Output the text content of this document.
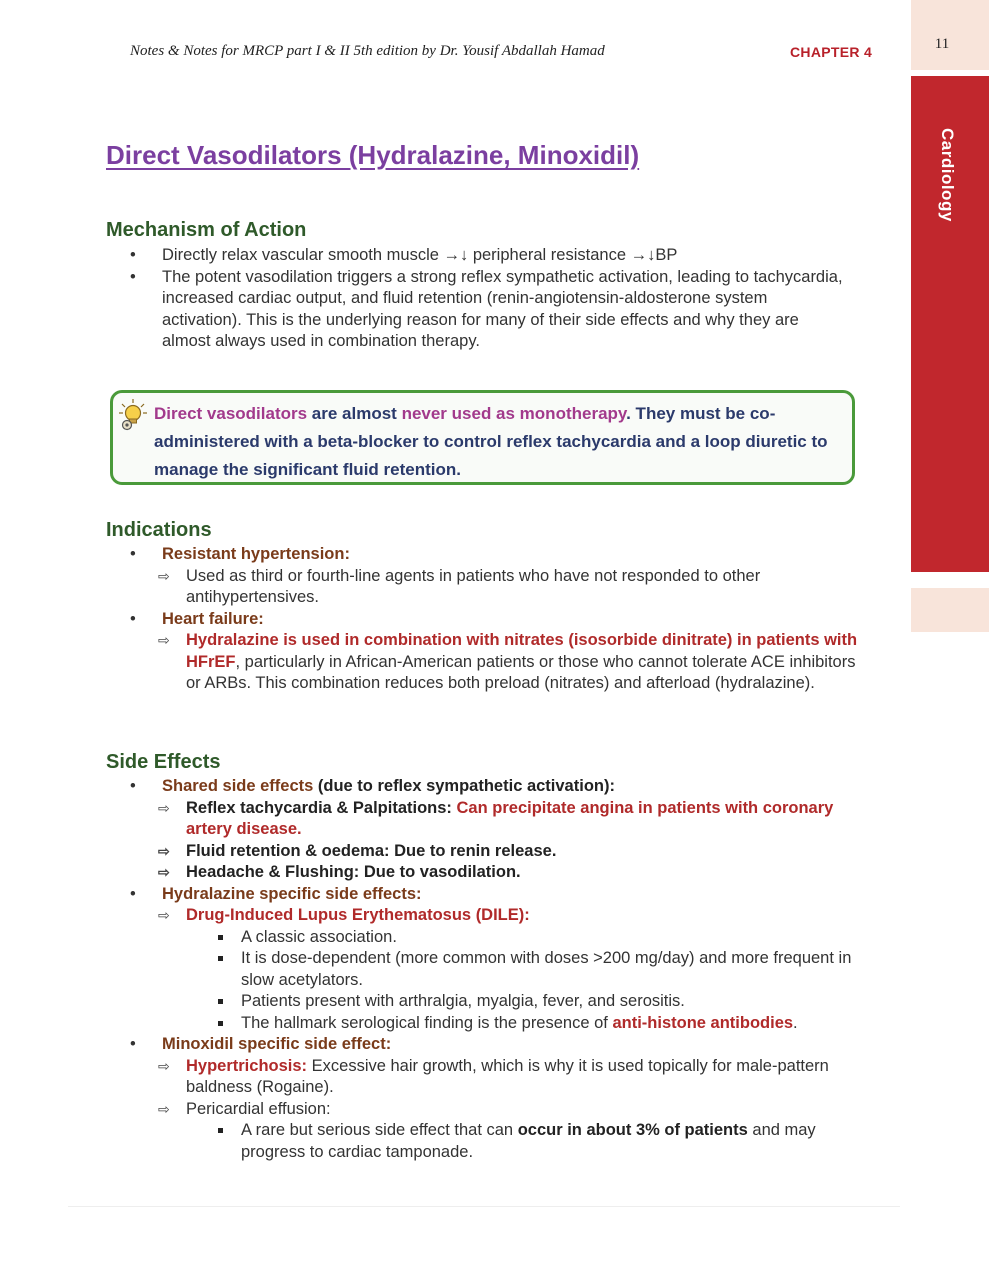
Notes & Notes for MRCP part I & II 5th edition by Dr. Yousif Abdallah Hamad	CHAPTER 4	11
Cardiology
Direct Vasodilators (Hydralazine, Minoxidil)
Mechanism of Action
• Directly relax vascular smooth muscle →↓ peripheral resistance →↓BP
• The potent vasodilation triggers a strong reflex sympathetic activation, leading to tachycardia, increased cardiac output, and fluid retention (renin-angiotensin-aldosterone system activation). This is the underlying reason for many of their side effects and why they are almost always used in combination therapy.
Direct vasodilators are almost never used as monotherapy. They must be co-administered with a beta-blocker to control reflex tachycardia and a loop diuretic to manage the significant fluid retention.
Indications
• Resistant hypertension:
⇨ Used as third or fourth-line agents in patients who have not responded to other antihypertensives.
• Heart failure:
⇨ Hydralazine is used in combination with nitrates (isosorbide dinitrate) in patients with HFrEF, particularly in African-American patients or those who cannot tolerate ACE inhibitors or ARBs. This combination reduces both preload (nitrates) and afterload (hydralazine).
Side Effects
• Shared side effects (due to reflex sympathetic activation):
⇨ Reflex tachycardia & Palpitations: Can precipitate angina in patients with coronary artery disease.
⇨ Fluid retention & oedema: Due to renin release.
⇨ Headache & Flushing: Due to vasodilation.
• Hydralazine specific side effects:
⇨ Drug-Induced Lupus Erythematosus (DILE):
A classic association.
It is dose-dependent (more common with doses >200 mg/day) and more frequent in slow acetylators.
Patients present with arthralgia, myalgia, fever, and serositis.
The hallmark serological finding is the presence of anti-histone antibodies.
• Minoxidil specific side effect:
⇨ Hypertrichosis: Excessive hair growth, which is why it is used topically for male-pattern baldness (Rogaine).
⇨ Pericardial effusion:
A rare but serious side effect that can occur in about 3% of patients and may progress to cardiac tamponade.
